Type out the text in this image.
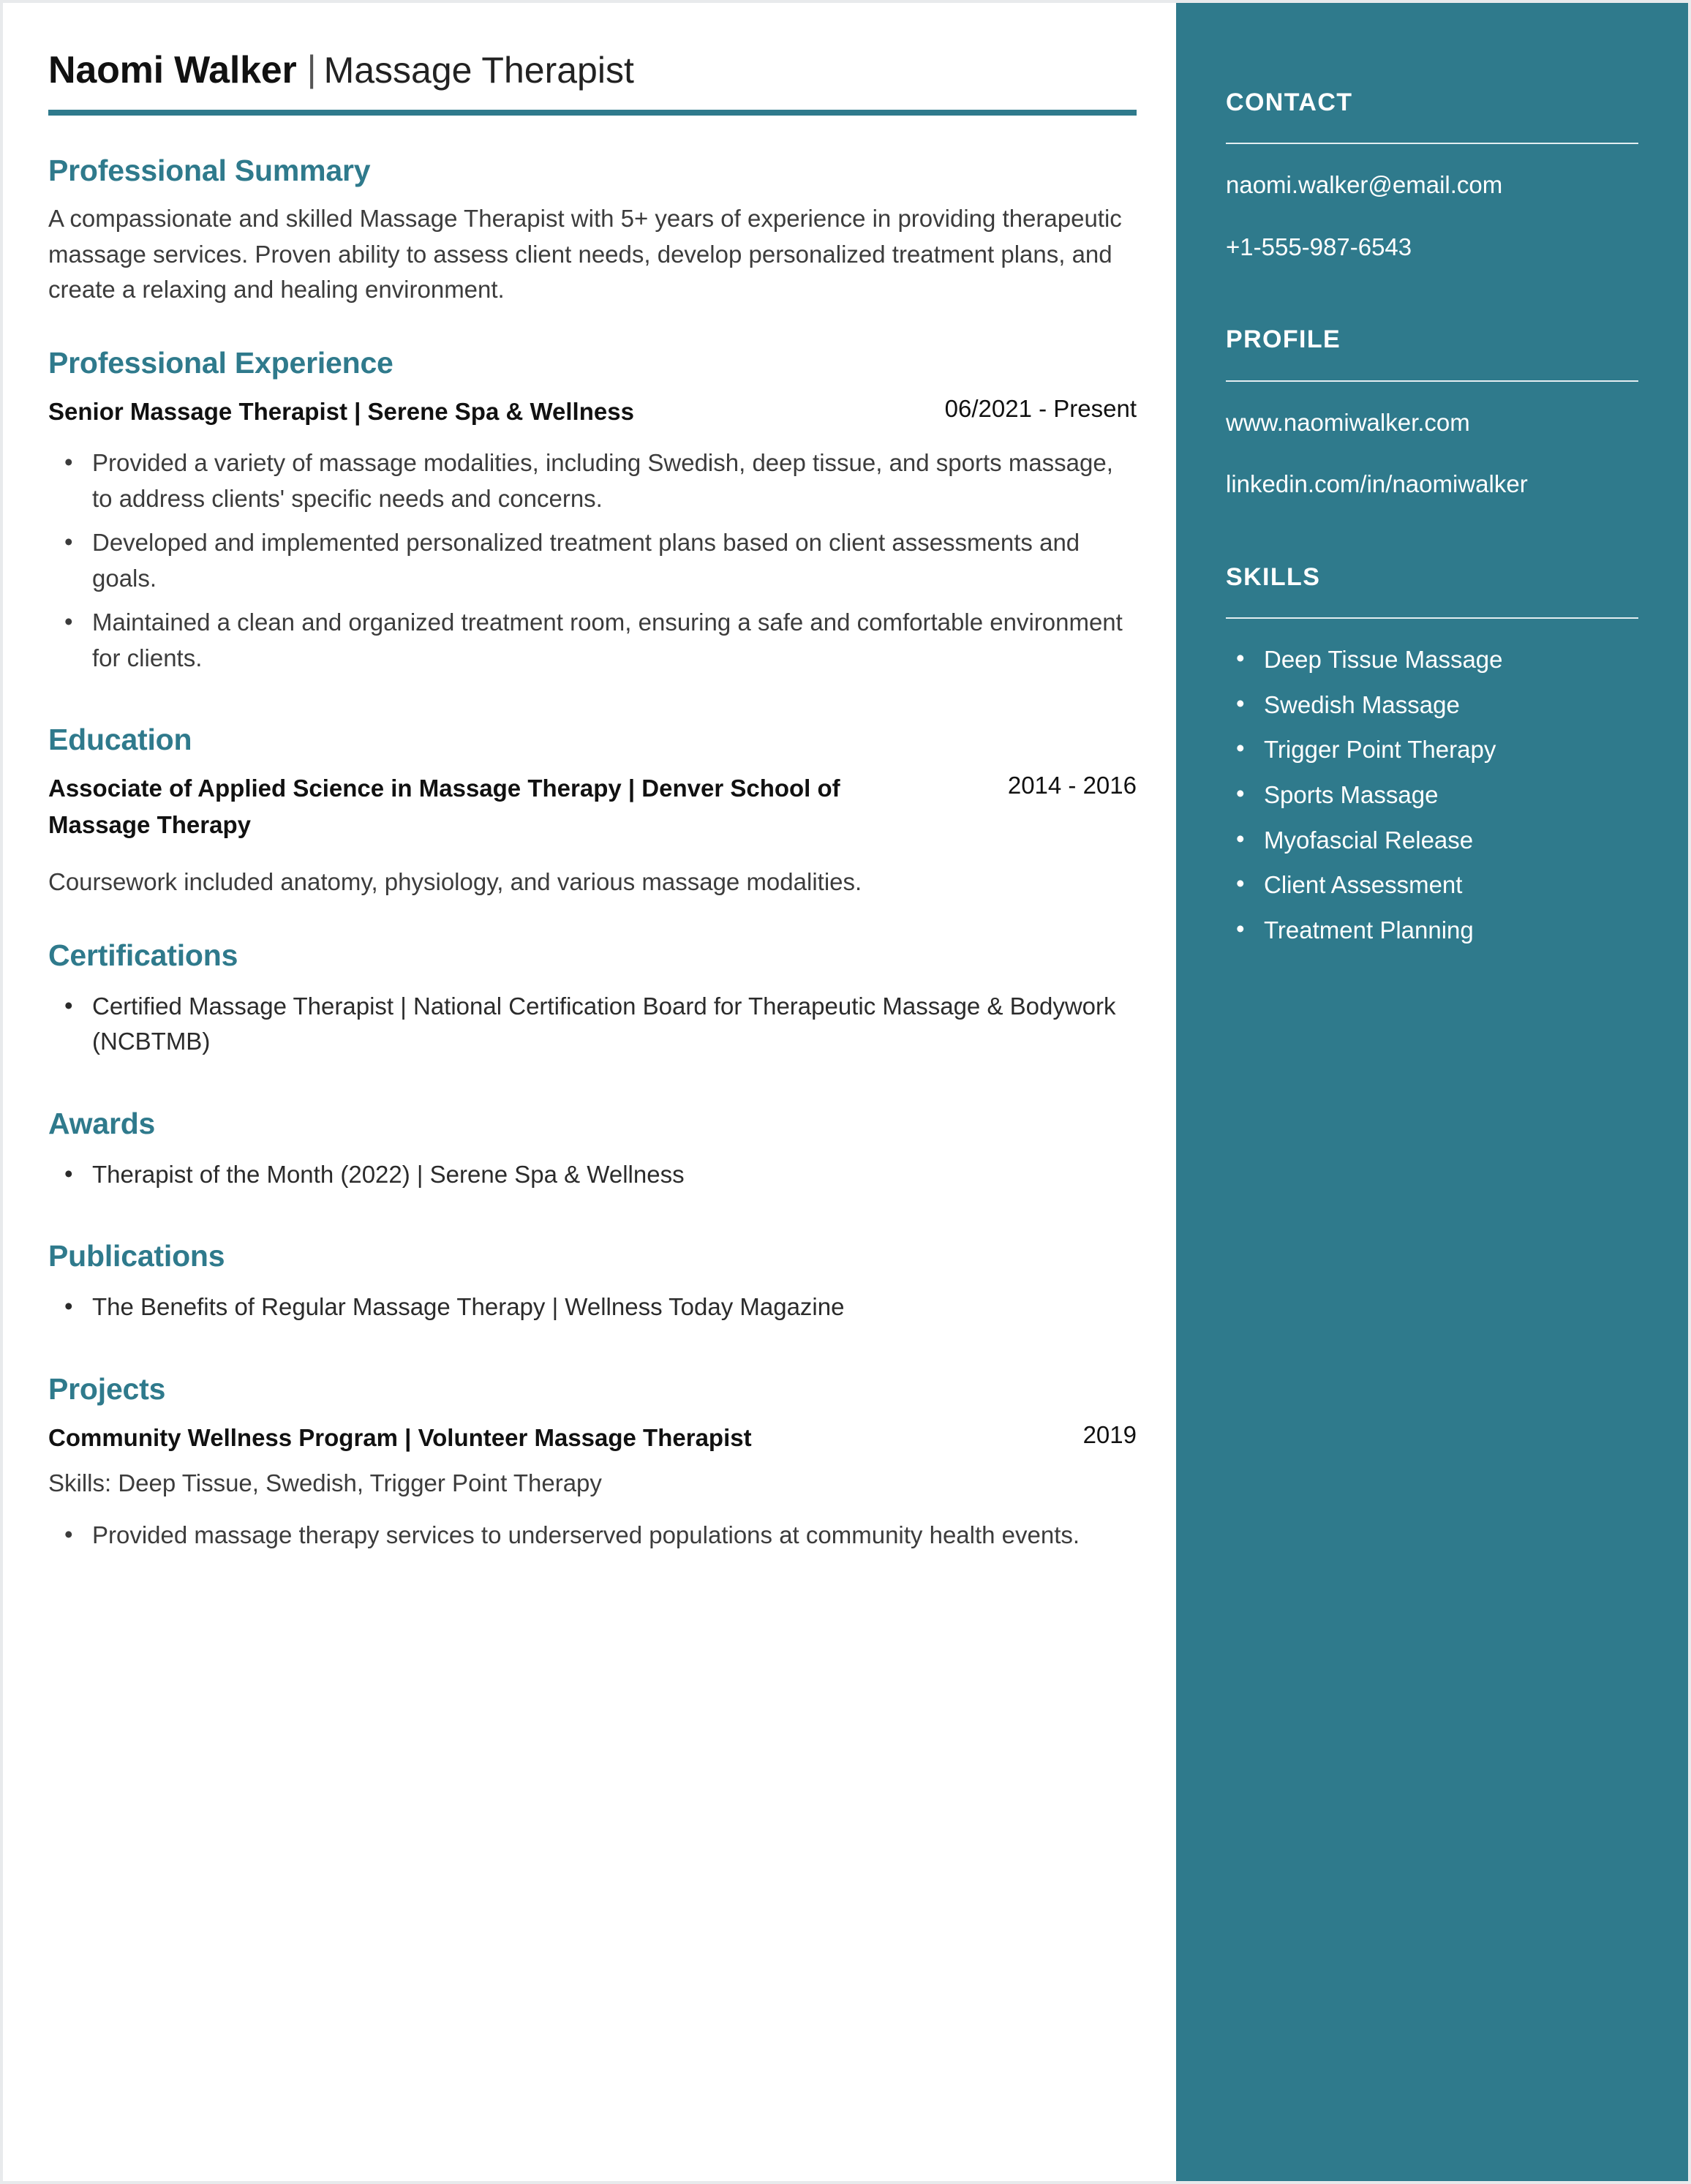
Naomi Walker | Massage Therapist
Professional Summary

A compassionate and skilled Massage Therapist with 5+ years of experience in providing therapeutic massage services. Proven ability to assess client needs, develop personalized treatment plans, and create a relaxing and healing environment.

Professional Experience
Senior Massage Therapist | Serene Spa & Wellness	06/2021 - Present
• Provided a variety of massage modalities, including Swedish, deep tissue, and sports massage, to address clients' specific needs and concerns.
• Developed and implemented personalized treatment plans based on client assessments and goals.
• Maintained a clean and organized treatment room, ensuring a safe and comfortable environment for clients.
Education
Associate of Applied Science in Massage Therapy | Denver School of Massage Therapy
2014 - 2016

Coursework included anatomy, physiology, and various massage modalities.

Certifications
• Certified Massage Therapist | National Certification Board for Therapeutic Massage & Bodywork (NCBTMB)
Awards
• Therapist of the Month (2022) | Serene Spa & Wellness
Publications
• The Benefits of Regular Massage Therapy | Wellness Today Magazine
Projects
Community Wellness Program | Volunteer Massage Therapist	2019

Skills: Deep Tissue, Swedish, Trigger Point Therapy

• Provided massage therapy services to underserved populations at community health events.
CONTACT
naomi.walker@email.com
+1-555-987-6543
PROFILE
www.naomiwalker.com
linkedin.com/in/naomiwalker
SKILLS
• Deep Tissue Massage
• Swedish Massage
• Trigger Point Therapy
• Sports Massage
• Myofascial Release
• Client Assessment
• Treatment Planning
